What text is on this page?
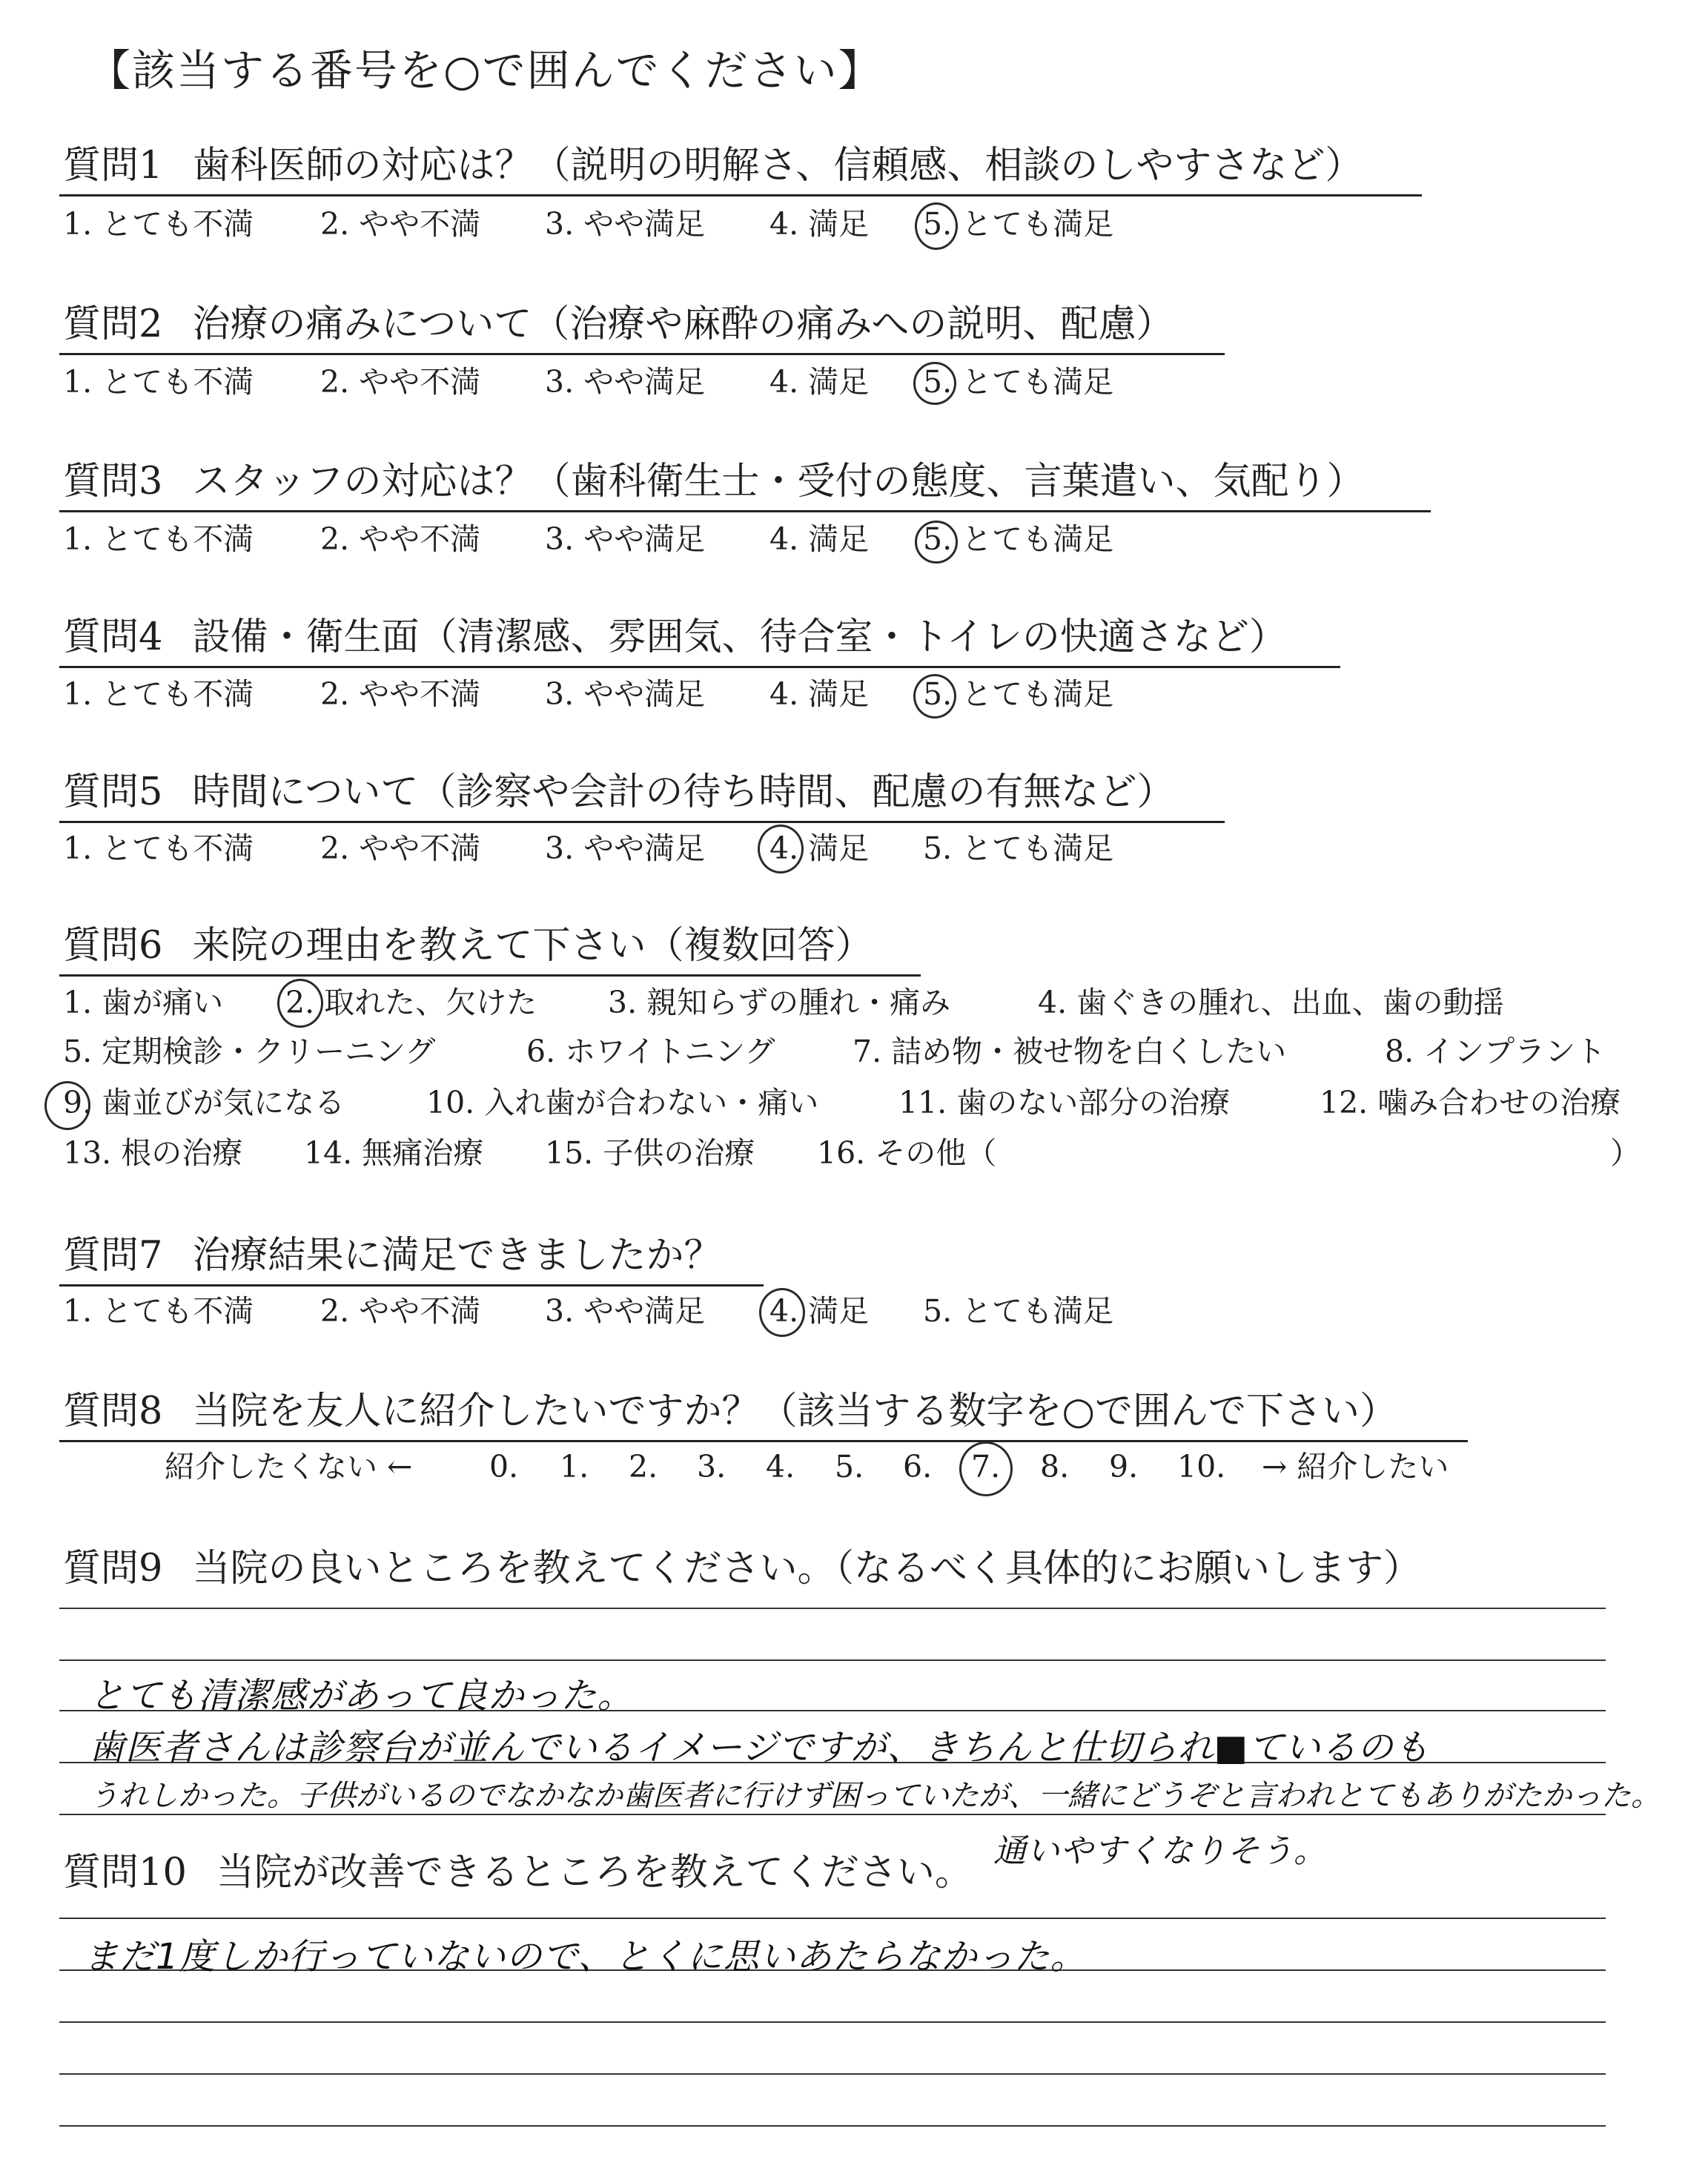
【該当する番号を○で囲んでください】
質問1 歯科医師の対応は？（説明の明解さ、信頼感、相談のしやすさなど）
1. とても不満 2. やや不満 3. やや満足 4. 満足 5. とても満足
質問2 治療の痛みについて（治療や麻酔の痛みへの説明、配慮）
1. とても不満 2. やや不満 3. やや満足 4. 満足 5. とても満足
質問3 スタッフの対応は？（歯科衛生士・受付の態度、言葉遣い、気配り）
1. とても不満 2. やや不満 3. やや満足 4. 満足 5. とても満足
質問4 設備・衛生面（清潔感、雰囲気、待合室・トイレの快適さなど）
1. とても不満 2. やや不満 3. やや満足 4. 満足 5. とても満足
質問5 時間について（診察や会計の待ち時間、配慮の有無など）
1. とても不満 2. やや不満 3. やや満足 4. 満足 5. とても満足
質問6 来院の理由を教えて下さい（複数回答）
1. 歯が痛い 2. 取れた、欠けた 3. 親知らずの腫れ・痛み	4. 歯ぐきの腫れ、出血、歯の動揺
5. 定期検診・クリーニング	6. ホワイトニング	7. 詰め物・被せ物を白くしたい	8. インプラント
9. 歯並びが気になる	10. 入れ歯が合わない・痛い	11. 歯のない部分の治療	12. 噛み合わせの治療
13. 根の治療 14. 無痛治療 15. 子供の治療 16. その他（	）
質問7 治療結果に満足できましたか？
1. とても不満 2. やや不満 3. やや満足 4. 満足 5. とても満足
質問8 当院を友人に紹介したいですか？（該当する数字を○で囲んで下さい）
紹介したくない ←	0. 1. 2. 3. 4. 5. 6. 7. 8. 9. 10. → 紹介したい
質問9 当院の良いところを教えてください。（なるべく具体的にお願いします）
とても清潔感があって良かった。
歯医者さんは診察台が並んでいるイメージですが、きちんと仕切られ■ているのも
うれしかった。子供がいるのでなかなか歯医者に行けず困っていたが、一緒にどうぞと言われとてもありがたかった。
通いやすくなりそう。
質問10 当院が改善できるところを教えてください。
まだ1度しか行っていないので、とくに思いあたらなかった。
